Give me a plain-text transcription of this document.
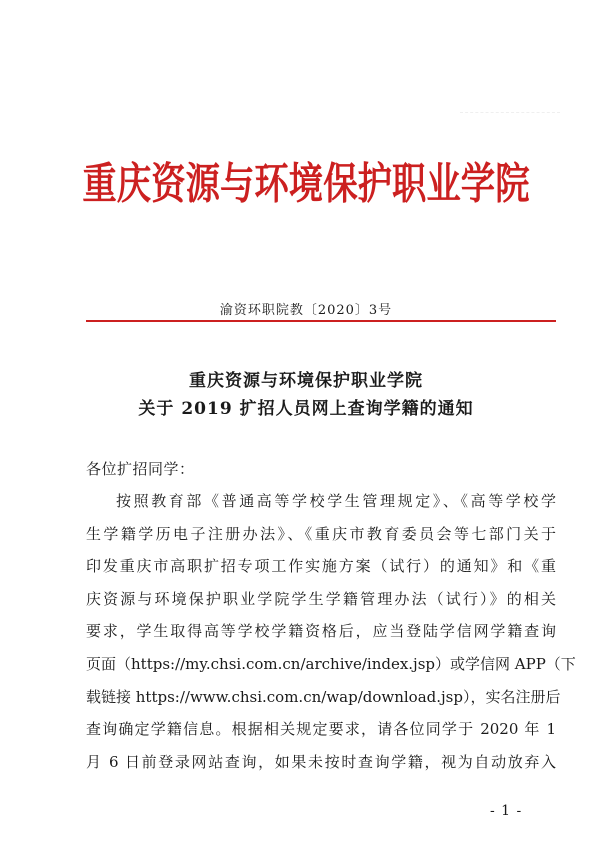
重庆资源与环境保护职业学院
渝资环职院教〔2020〕3号
重庆资源与环境保护职业学院
关于 2019 扩招人员网上查询学籍的通知
各位扩招同学：
按照教育部《普通高等学校学生管理规定》、《高等学校学
生学籍学历电子注册办法》、《重庆市教育委员会等七部门关于
印发重庆市高职扩招专项工作实施方案（试行）的通知》和《重
庆资源与环境保护职业学院学生学籍管理办法（试行）》的相关
要求，学生取得高等学校学籍资格后，应当登陆学信网学籍查询
页面（https://my.chsi.com.cn/archive/index.jsp）或学信网 APP（下
载链接 https://www.chsi.com.cn/wap/download.jsp），实名注册后
查询确定学籍信息。根据相关规定要求，请各位同学于 2020 年 1
月 6 日前登录网站查询，如果未按时查询学籍，视为自动放弃入
- 1 -
